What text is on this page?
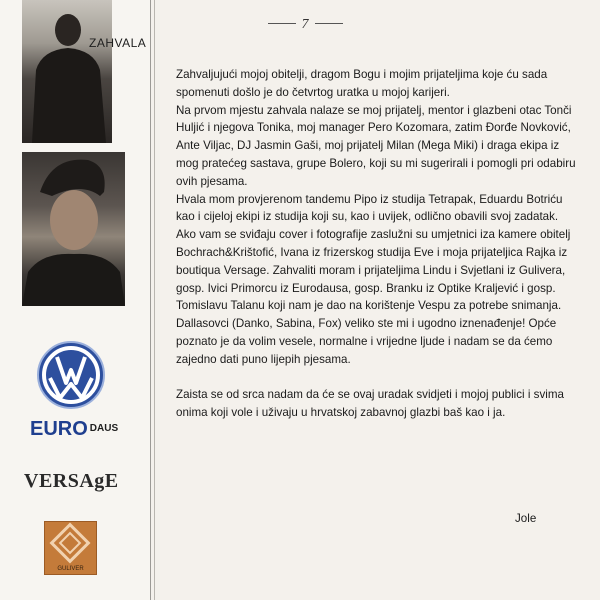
ZAHVALA
EURO $^{DAUS}$
VERSAgE
GULIVER
7

Zahvaljujući mojoj obitelji, dragom Bogu i mojim prijateljima koje ću sada spomenuti došlo je do četvrtog uratka u mojoj karijeri.

Na prvom mjestu zahvala nalaze se moj prijatelj, mentor i glazbeni otac Tonči Huljić i njegova Tonika, moj manager Pero Kozomara, zatim Đorđe Novković, Ante Viljac, DJ Jasmin Gaši, moj prijatelj Milan (Mega Miki) i draga ekipa iz mog pratećeg sastava, grupe Bolero, koji su mi sugerirali i pomogli pri odabiru ovih pjesama.

Hvala mom provjerenom tandemu Pipo iz studija Tetrapak, Eduardu Botriću kao i cijeloj ekipi iz studija koji su, kao i uvijek, odlično obavili svoj zadatak.

Ako vam se sviđaju cover i fotografije zaslužni su umjetnici iza kamere obitelj Bochrach&Krištofić, Ivana iz frizerskog studija Eve i moja prijateljica Rajka iz boutiqua Versage. Zahvaliti moram i prijateljima Lindu i Svjetlani iz Gulivera, gosp. Ivici Primorcu iz Eurodausa, gosp. Branku iz Optike Kraljević i gosp. Tomislavu Talanu koji nam je dao na korištenje Vespu za potrebe snimanja. Dallasovci (Danko, Sabina, Fox) veliko ste mi i ugodno iznenađenje! Opće poznato je da volim vesele, normalne i vrijedne ljude i nadam se da ćemo zajedno dati puno lijepih pjesama.

Zaista se od srca nadam da će se ovaj uradak svidjeti i mojoj publici i svima onima koji vole i uživaju u hrvatskoj zabavnoj glazbi baš kao i ja.

Jole
